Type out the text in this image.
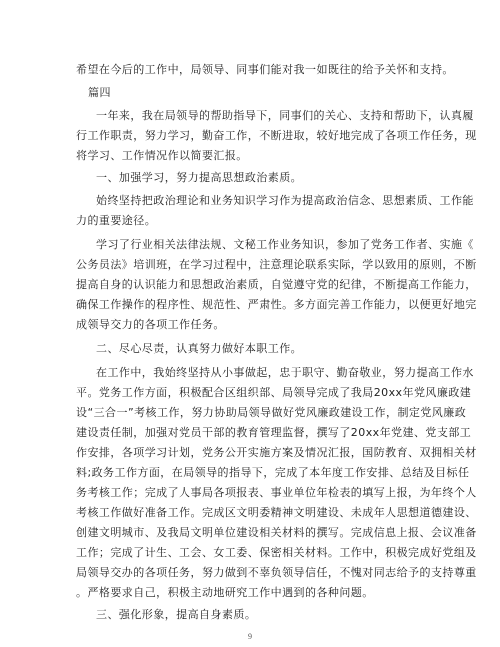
希望在今后的工作中，局领导、同事们能对我一如既往的给予关怀和支持。

篇四

一年来，我在局领导的帮助指导下，同事们的关心、支持和帮助下，认真履

行工作职责，努力学习，勤奋工作，不断进取，较好地完成了各项工作任务，现

将学习、工作情况作以简要汇报。

一、加强学习，努力提高思想政治素质。

始终坚持把政治理论和业务知识学习作为提高政治信念、思想素质、工作能

力的重要途径。

学习了行业相关法律法规、文秘工作业务知识，参加了党务工作者、实施《

公务员法》培训班，在学习过程中，注意理论联系实际，学以致用的原则，不断

提高自身的认识能力和思想政治素质，自觉遵守党的纪律，不断提高工作能力，

确保工作操作的程序性、规范性、严肃性。多方面完善工作能力，以便更好地完

成领导交力的各项工作任务。

二、尽心尽责，认真努力做好本职工作。

在工作中，我始终坚持从小事做起，忠于职守、勤奋敬业，努力提高工作水

平。党务工作方面，积极配合区组织部、局领导完成了我局20xx年党风廉政建

设“三合一”考核工作，努力协助局领导做好党风廉政建设工作，制定党风廉政

建设责任制，加强对党员干部的教育管理监督，撰写了20xx年党建、党支部工

作安排，各项学习计划，党务公开实施方案及情况汇报，国防教育、双拥相关材

料;政务工作方面，在局领导的指导下，完成了本年度工作安排、总结及目标任

务考核工作；完成了人事局各项报表、事业单位年检表的填写上报，为年终个人

考核工作做好准备工作。完成区文明委精神文明建设、未成年人思想道德建设、

创建文明城市、及我局文明单位建设相关材料的撰写。完成信息上报、会议准备

工作；完成了计生、工会、女工委、保密相关材料。工作中，积极完成好党组及

局领导交办的各项任务，努力做到不辜负领导信任，不愧对同志给予的支持尊重

。严格要求自己，积极主动地研究工作中遇到的各种问题。

三、强化形象，提高自身素质。

9
